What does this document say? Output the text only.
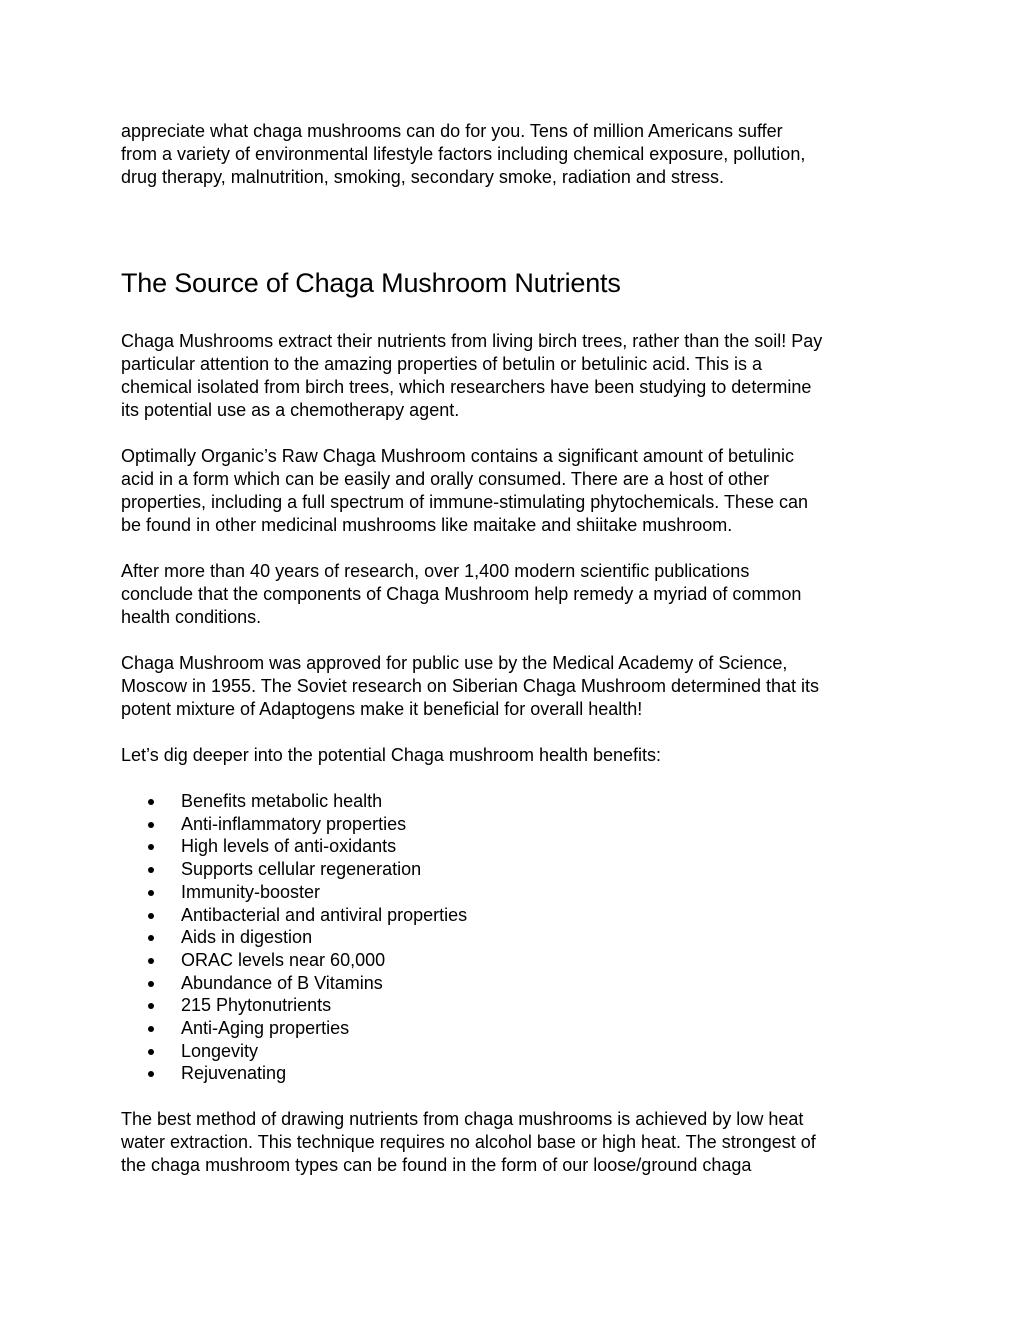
appreciate what chaga mushrooms can do for you. Tens of million Americans suffer
from a variety of environmental lifestyle factors including chemical exposure, pollution,
drug therapy, malnutrition, smoking, secondary smoke, radiation and stress.

The Source of Chaga Mushroom Nutrients

Chaga Mushrooms extract their nutrients from living birch trees, rather than the soil! Pay
particular attention to the amazing properties of betulin or betulinic acid. This is a
chemical isolated from birch trees, which researchers have been studying to determine
its potential use as a chemotherapy agent.

Optimally Organic’s Raw Chaga Mushroom contains a significant amount of betulinic
acid in a form which can be easily and orally consumed. There are a host of other
properties, including a full spectrum of immune-stimulating phytochemicals. These can
be found in other medicinal mushrooms like maitake and shiitake mushroom.

After more than 40 years of research, over 1,400 modern scientific publications
conclude that the components of Chaga Mushroom help remedy a myriad of common
health conditions.

Chaga Mushroom was approved for public use by the Medical Academy of Science,
Moscow in 1955. The Soviet research on Siberian Chaga Mushroom determined that its
potent mixture of Adaptogens make it beneficial for overall health!

Let’s dig deeper into the potential Chaga mushroom health benefits:

Benefits metabolic health
Anti-inflammatory properties
High levels of anti-oxidants
Supports cellular regeneration
Immunity-booster
Antibacterial and antiviral properties
Aids in digestion
ORAC levels near 60,000
Abundance of B Vitamins
215 Phytonutrients
Anti-Aging properties
Longevity
Rejuvenating

The best method of drawing nutrients from chaga mushrooms is achieved by low heat
water extraction. This technique requires no alcohol base or high heat. The strongest of
the chaga mushroom types can be found in the form of our loose/ground chaga
